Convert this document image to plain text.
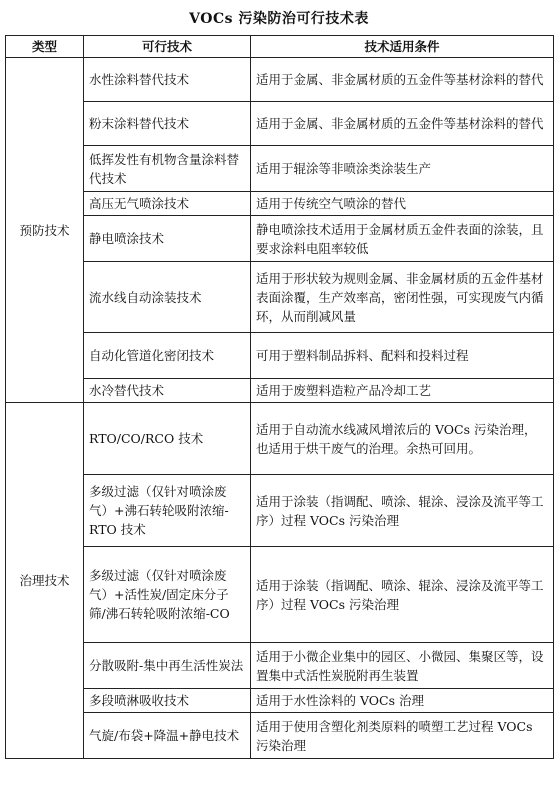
VOCs 污染防治可行技术表
类型	可行技术	技术适用条件
预防技术	水性涂料替代技术	适用于金属、非金属材质的五金件等基材涂料的替代
	粉末涂料替代技术	适用于金属、非金属材质的五金件等基材涂料的替代
	低挥发性有机物含量涂料替代技术	适用于辊涂等非喷涂类涂装生产
	高压无气喷涂技术	适用于传统空气喷涂的替代
	静电喷涂技术	静电喷涂技术适用于金属材质五金件表面的涂装，且要求涂料电阻率较低
	流水线自动涂装技术	适用于形状较为规则金属、非金属材质的五金件基材表面涂覆，生产效率高，密闭性强，可实现废气内循环，从而削减风量
	自动化管道化密闭技术	可用于塑料制品拆料、配料和投料过程
	水冷替代技术	适用于废塑料造粒产品冷却工艺
治理技术	RTO/CO/RCO 技术	适用于自动流水线减风增浓后的 VOCs 污染治理，也适用于烘干废气的治理。余热可回用。
	多级过滤（仅针对喷涂废气）+沸石转轮吸附浓缩-RTO 技术	适用于涂装（指调配、喷涂、辊涂、浸涂及流平等工序）过程 VOCs 污染治理
	多级过滤（仅针对喷涂废气）+活性炭/固定床分子筛/沸石转轮吸附浓缩-CO	适用于涂装（指调配、喷涂、辊涂、浸涂及流平等工序）过程 VOCs 污染治理
	分散吸附-集中再生活性炭法	适用于小微企业集中的园区、小微园、集聚区等，设置集中式活性炭脱附再生装置
	多段喷淋吸收技术	适用于水性涂料的 VOCs 治理
	气旋/布袋+降温+静电技术	适用于使用含塑化剂类原料的喷塑工艺过程 VOCs 污染治理
